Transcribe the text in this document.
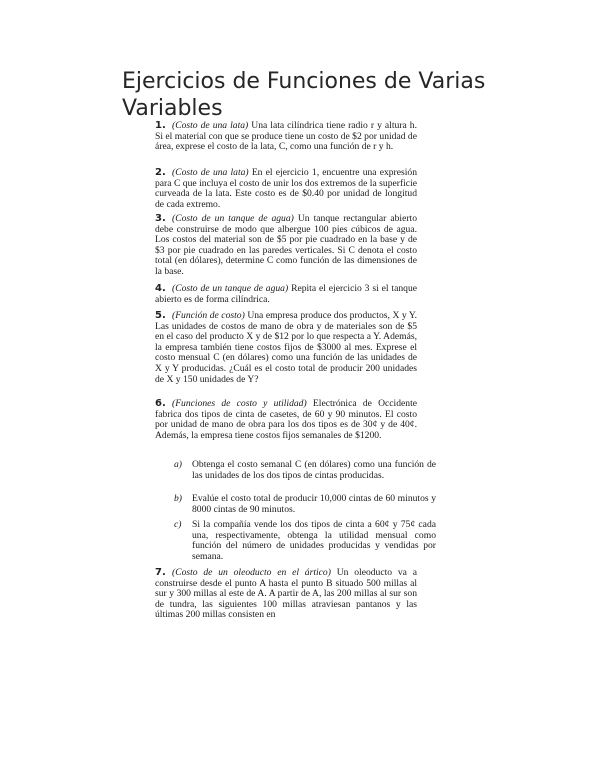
Ejercicios de Funciones de Varias Variables
1. (Costo de una lata) Una lata cilíndrica tiene radio r y altura h. Si el material con que se produce tiene un costo de $2 por unidad de área, exprese el costo de la lata, C, como una función de r y h.
2. (Costo de una lata) En el ejercicio 1, encuentre una expresión para C que incluya el costo de unir los dos extremos de la superficie curveada de la lata. Este costo es de $0.40 por unidad de longitud de cada extremo.
3. (Costo de un tanque de agua) Un tanque rectangular abierto debe construirse de modo que albergue 100 pies cúbicos de agua. Los costos del material son de $5 por pie cuadrado en la base y de $3 por pie cuadrado en las paredes verticales. Si C denota el costo total (en dólares), determine C como función de las dimensiones de la base.
4. (Costo de un tanque de agua) Repita el ejercicio 3 si el tanque abierto es de forma cilíndrica.
5. (Función de costo) Una empresa produce dos productos, X y Y. Las unidades de costos de mano de obra y de materiales son de $5 en el caso del producto X y de $12 por lo que respecta a Y. Además, la empresa también tiene costos fijos de $3000 al mes. Exprese el costo mensual C (en dólares) como una función de las unidades de X y Y producidas. ¿Cuál es el costo total de producir 200 unidades de X y 150 unidades de Y?
6. (Funciones de costo y utilidad) Electrónica de Occidente fabrica dos tipos de cinta de casetes, de 60 y 90 minutos. El costo por unidad de mano de obra para los dos tipos es de 30¢ y de 40¢. Además, la empresa tiene costos fijos semanales de $1200.
a) Obtenga el costo semanal C (en dólares) como una función de las unidades de los dos tipos de cintas producidas.
b) Evalúe el costo total de producir 10,000 cintas de 60 minutos y 8000 cintas de 90 minutos.
c) Si la compañía vende los dos tipos de cinta a 60¢ y 75¢ cada una, respectivamente, obtenga la utilidad mensual como función del número de unidades producidas y vendidas por semana.
7. (Costo de un oleoducto en el ártico) Un oleoducto va a construirse desde el punto A hasta el punto B situado 500 millas al sur y 300 millas al este de A. A partir de A, las 200 millas al sur son de tundra, las siguientes 100 millas atraviesan pantanos y las últimas 200 millas consisten en
